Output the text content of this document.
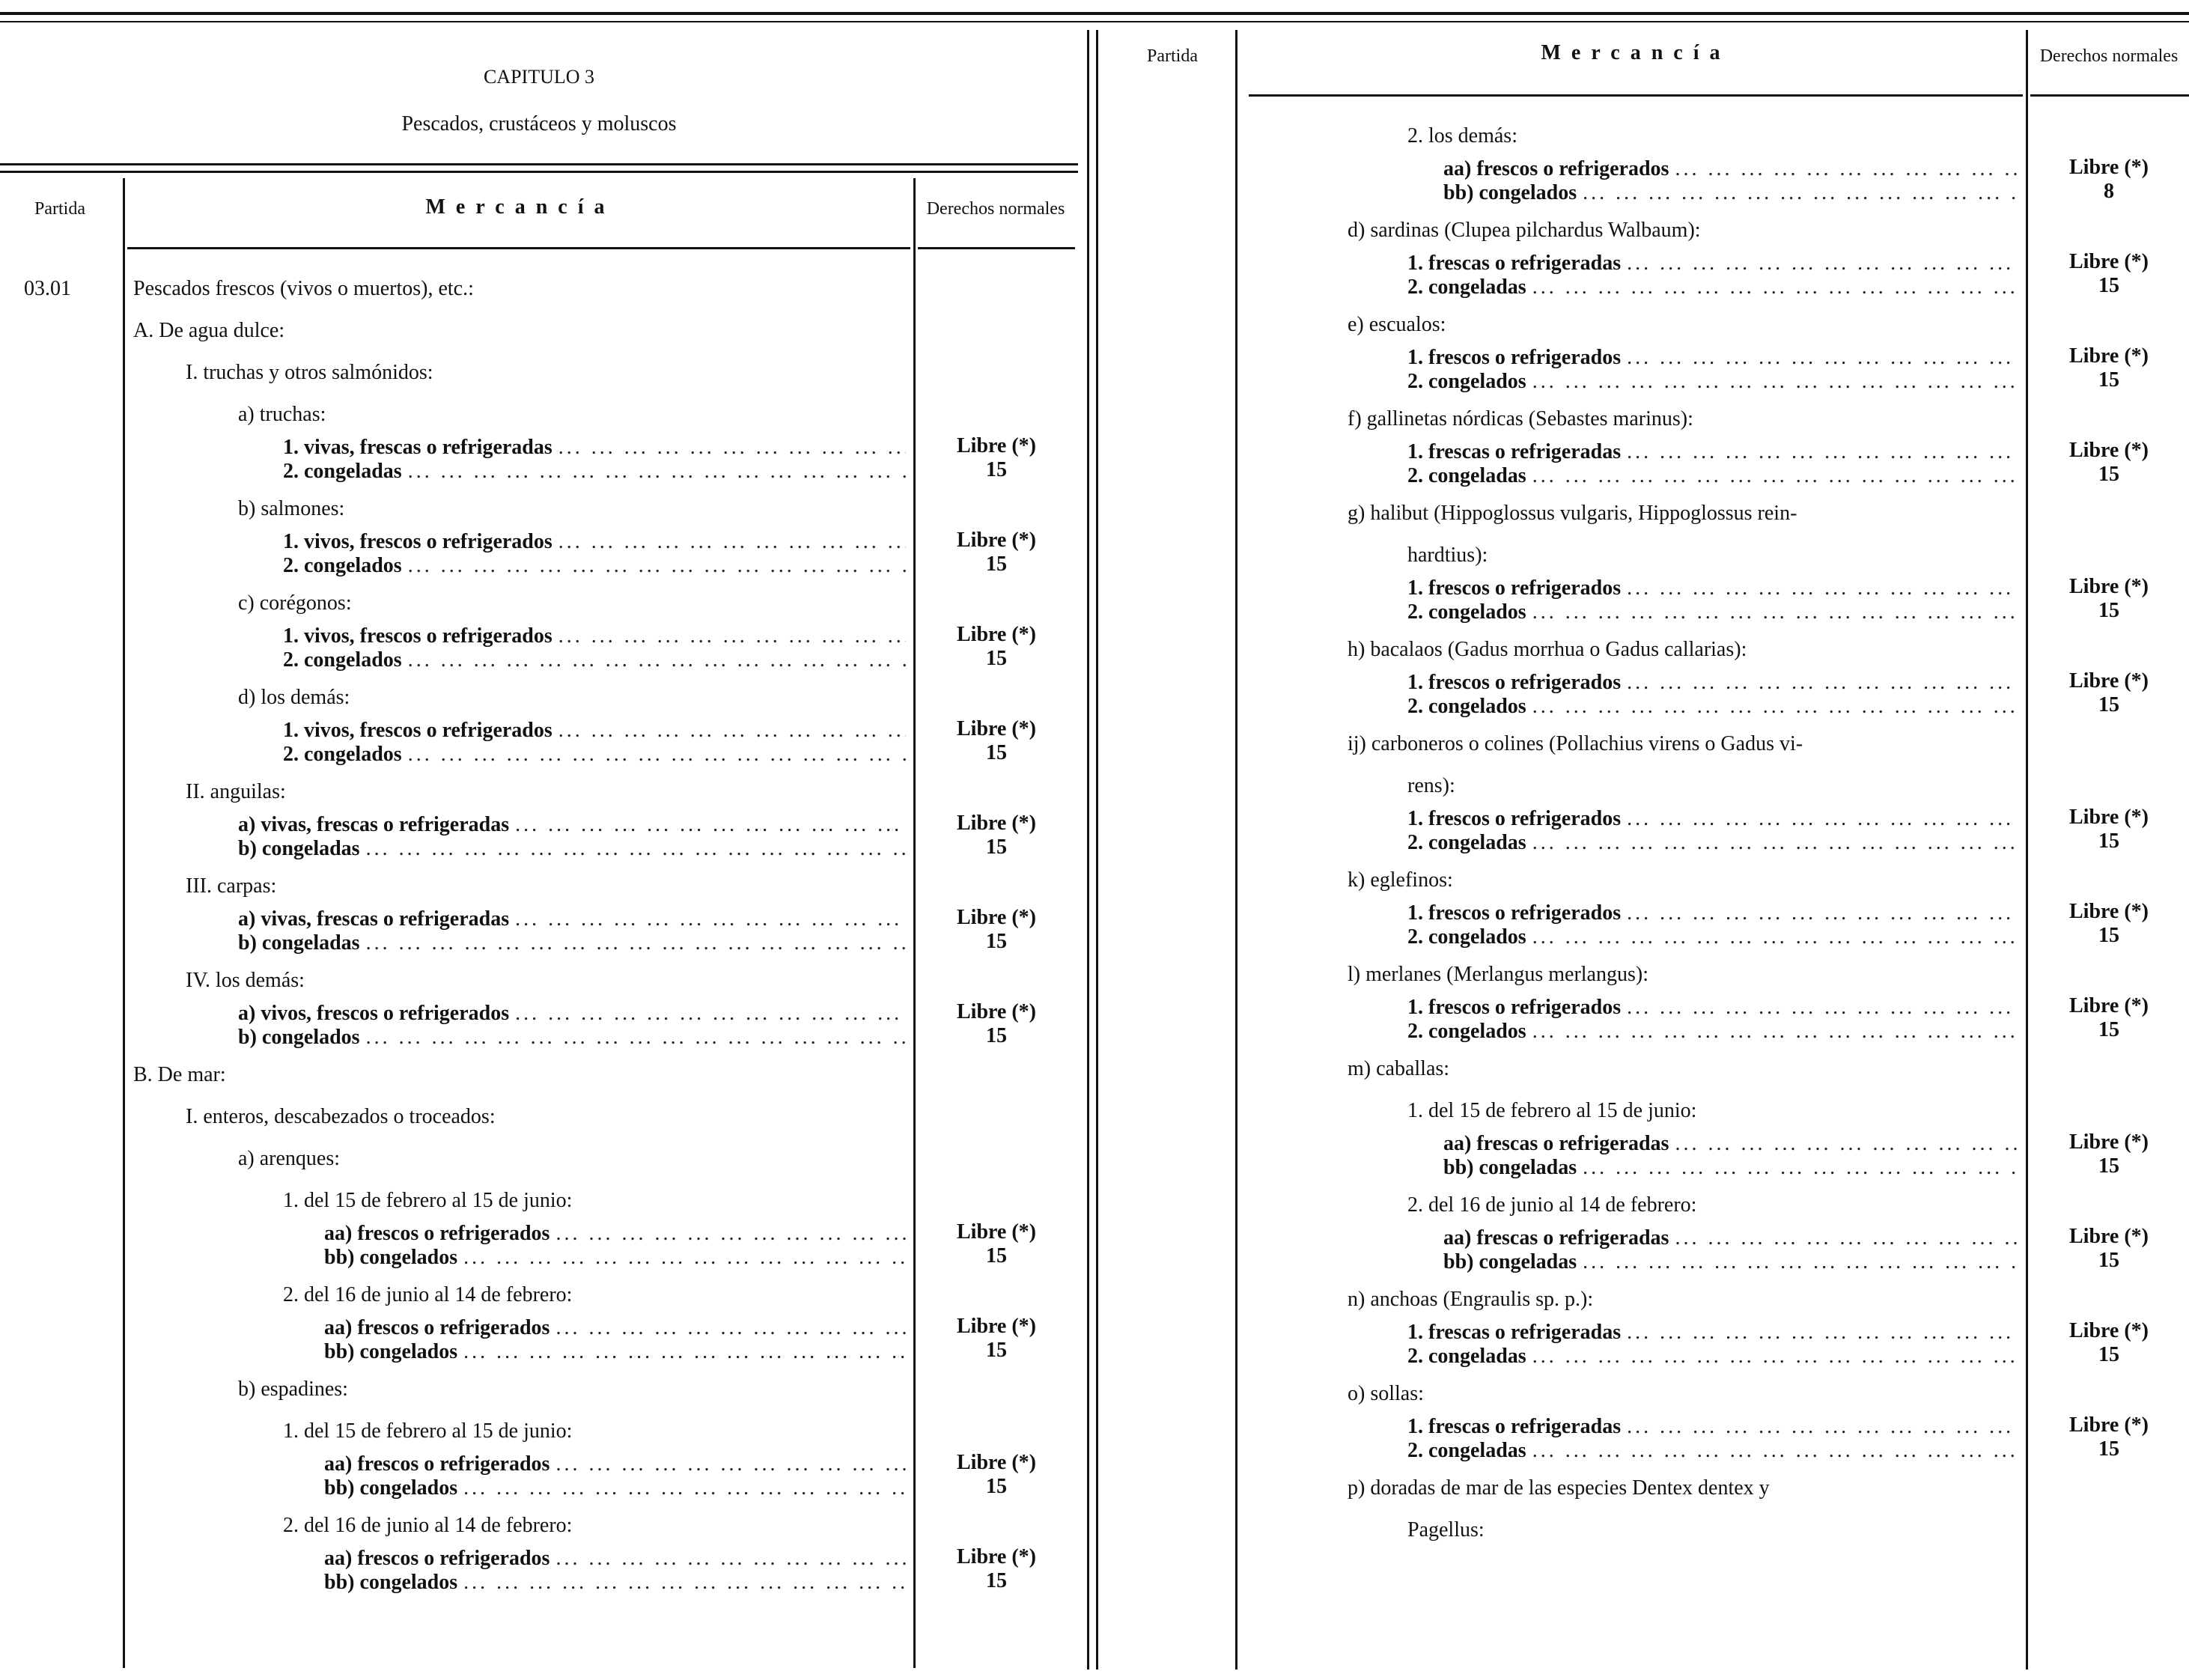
CAPITULO 3
Pescados, crustáceos y moluscos
Partida	Mercancía	Derechos normales
03.01	Pescados frescos (vivos o muertos), etc.:
A. De agua dulce:
I. truchas y otros salmónidos:
a) truchas:
1. vivas, frescas o refrigeradas ... .	Libre (*)
2. congeladas ... .	15
b) salmones:
1. vivos, frescos o refrigerados ... .	Libre (*)
2. congelados ... .	15
c) corégonos:
1. vivos, frescos o refrigerados ... .	Libre (*)
2. congelados ... .	15
d) los demás:
1. vivos, frescos o refrigerados ... .	Libre (*)
2. congelados ... .	15
II. anguilas:
a) vivas, frescas o refrigeradas ... .	Libre (*)
b) congeladas ... .	15
III. carpas:
a) vivas, frescas o refrigeradas ... .	Libre (*)
b) congeladas ... .	15
IV. los demás:
a) vivos, frescos o refrigerados ... .	Libre (*)
b) congelados ... .	15
B. De mar:
I. enteros, descabezados o troceados:
a) arenques:
1. del 15 de febrero al 15 de junio:
aa) frescos o refrigerados ... .	Libre (*)
bb) congelados ... .	15
2. del 16 de junio al 14 de febrero:
aa) frescos o refrigerados ... .	Libre (*)
bb) congelados ... .	15
b) espadines:
1. del 15 de febrero al 15 de junio:
aa) frescos o refrigerados ... .	Libre (*)
bb) congelados ... .	15
2. del 16 de junio al 14 de febrero:
aa) frescos o refrigerados ... .	Libre (*)
bb) congelados ... .	15
Partida	Mercancía	Derechos normales
2. los demás:
aa) frescos o refrigerados ... .	Libre (*)
bb) congelados ... .	8
d) sardinas (Clupea pilchardus Walbaum):
1. frescas o refrigeradas ... .	Libre (*)
2. congeladas ... .	15
e) escualos:
1. frescos o refrigerados ... .	Libre (*)
2. congelados ... .	15
f) gallinetas nórdicas (Sebastes marinus):
1. frescas o refrigeradas ... .	Libre (*)
2. congeladas ... .	15
g) halibut (Hippoglossus vulgaris, Hippoglossus rein-
hardtius):
1. frescos o refrigerados ... .	Libre (*)
2. congelados ... .	15
h) bacalaos (Gadus morrhua o Gadus callarias):
1. frescos o refrigerados ... .	Libre (*)
2. congelados ... .	15
ij) carboneros o colines (Pollachius virens o Gadus vi-
rens):
1. frescos o refrigerados ... .	Libre (*)
2. congeladas ... .	15
k) eglefinos:
1. frescos o refrigerados ... .	Libre (*)
2. congelados ... .	15
l) merlanes (Merlangus merlangus):
1. frescos o refrigerados ... .	Libre (*)
2. congelados ... .	15
m) caballas:
1. del 15 de febrero al 15 de junio:
aa) frescas o refrigeradas ... .	Libre (*)
bb) congeladas ... .	15
2. del 16 de junio al 14 de febrero:
aa) frescas o refrigeradas ... .	Libre (*)
bb) congeladas ... .	15
n) anchoas (Engraulis sp. p.):
1. frescas o refrigeradas ... .	Libre (*)
2. congeladas ... .	15
o) sollas:
1. frescas o refrigeradas ... .	Libre (*)
2. congeladas ... .	15
p) doradas de mar de las especies Dentex dentex y
Pagellus:
